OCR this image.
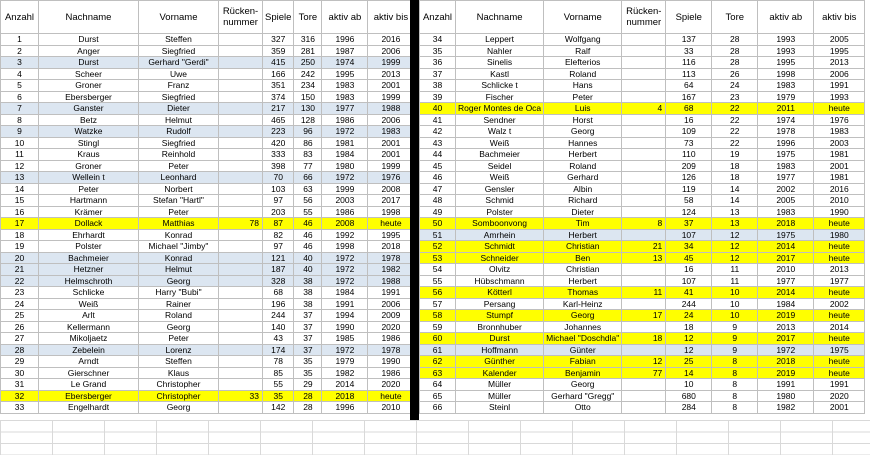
Anzahl	Nachname	Vorname	Rücken-
nummer	Spiele	Tore	aktiv ab	aktiv bis
1	Durst	Steffen		327	316	1996	2016
2	Anger	Siegfried		359	281	1987	2006
3	Durst	Gerhard "Gerdi"		415	250	1974	1999
4	Scheer	Uwe		166	242	1995	2013
5	Groner	Franz		351	234	1983	2001
6	Ebersberger	Siegfried		374	150	1983	1999
7	Ganster	Dieter		217	130	1977	1988
8	Betz	Helmut		465	128	1986	2006
9	Watzke	Rudolf		223	96	1972	1983
10	Stingl	Siegfried		420	86	1981	2001
11	Kraus	Reinhold		333	83	1984	2001
12	Groner	Peter		398	77	1980	1999
13	Wellein t	Leonhard		70	66	1972	1976
14	Peter	Norbert		103	63	1999	2008
15	Hartmann	Stefan "Hartl"		97	56	2003	2017
16	Krämer	Peter		203	55	1986	1998
17	Dollack	Matthias	78	87	46	2008	heute
18	Ehrhardt	Konrad		82	46	1992	1995
19	Polster	Michael "Jimby"		97	46	1998	2018
20	Bachmeier	Konrad		121	40	1972	1978
21	Hetzner	Helmut		187	40	1972	1982
22	Helmschroth	Georg		328	38	1972	1988
23	Schlicke	Harry "Bubi"		68	38	1984	1991
24	Weiß	Rainer		196	38	1991	2006
25	Arlt	Roland		244	37	1994	2009
26	Kellermann	Georg		140	37	1990	2020
27	Mikoljaetz	Peter		43	37	1985	1986
28	Zebelein	Lorenz		174	37	1972	1978
29	Arndt	Steffen		78	35	1979	1990
30	Gierschner	Klaus		85	35	1982	1986
31	Le Grand	Christopher		55	29	2014	2020
32	Ebersberger	Christopher	33	35	28	2018	heute
33	Engelhardt	Georg		142	28	1996	2010
Anzahl	Nachname	Vorname	Rücken-
nummer	Spiele	Tore	aktiv ab	aktiv bis
34	Leppert	Wolfgang		137	28	1993	2005
35	Nahler	Ralf		33	28	1993	1995
36	Sinelis	Elefterios		116	28	1995	2013
37	Kastl	Roland		113	26	1998	2006
38	Schlicke t	Hans		64	24	1983	1991
39	Fischer	Peter		167	23	1979	1993
40	Roger Montes de Oca	Luis	4	68	22	2011	heute
41	Sendner	Horst		16	22	1974	1976
42	Walz t	Georg		109	22	1978	1983
43	Weiß	Hannes		73	22	1996	2003
44	Bachmeier	Herbert		110	19	1975	1981
45	Seidel	Roland		209	18	1983	2001
46	Weiß	Gerhard		126	18	1977	1981
47	Gensler	Albin		119	14	2002	2016
48	Schmid	Richard		58	14	2005	2010
49	Polster	Dieter		124	13	1983	1990
50	Somboonvong	Tim	8	37	13	2018	heute
51	Amrhein	Herbert		107	12	1975	1980
52	Schmidt	Christian	21	34	12	2014	heute
53	Schneider	Ben	13	45	12	2017	heute
54	Olvitz	Christian		16	11	2010	2013
55	Hübschmann	Herbert		107	11	1977	1977
56	Kötterl	Thomas	11	41	10	2014	heute
57	Persang	Karl-Heinz		244	10	1984	2002
58	Stumpf	Georg	17	24	10	2019	heute
59	Bronnhuber	Johannes		18	9	2013	2014
60	Durst	Michael "Doschdla"	18	12	9	2017	heute
61	Hoffmann	Günter		12	9	1972	1975
62	Günther	Fabian	12	25	8	2018	heute
63	Kalender	Benjamin	77	14	8	2019	heute
64	Müller	Georg		10	8	1991	1991
65	Müller	Gerhard "Gregg"		680	8	1980	2020
66	Steinl	Otto		284	8	1982	2001
